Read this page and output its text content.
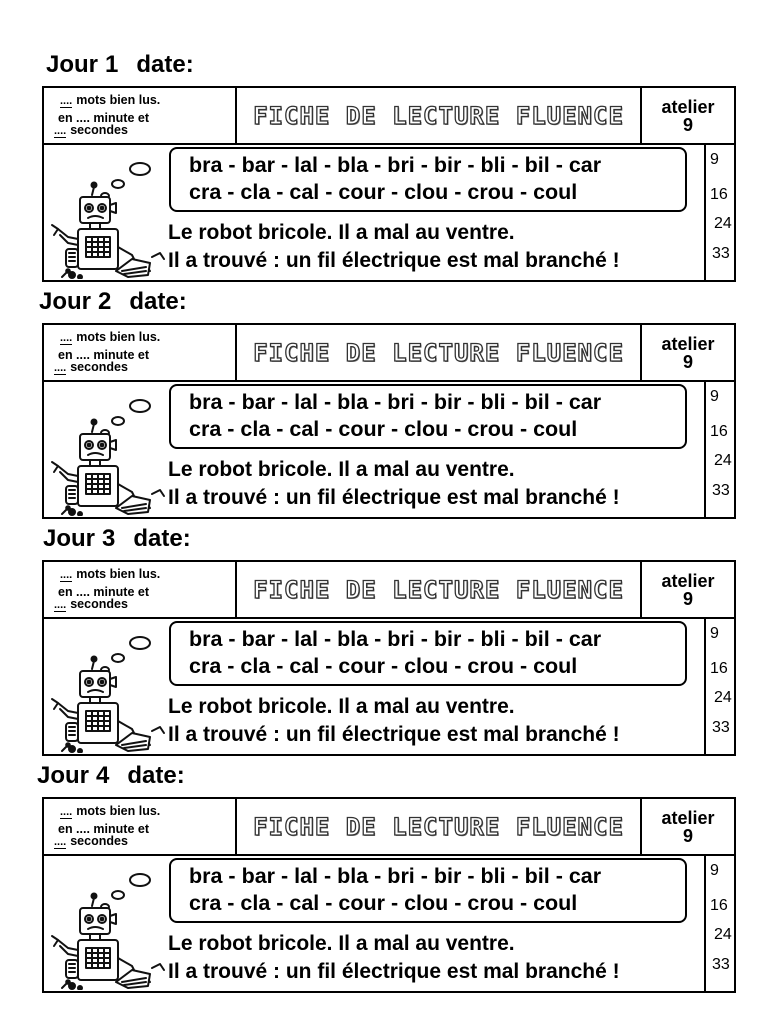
Jour 1 date:
.... mots bien lus.
en .... minute et
.... secondes
FICHE DE LECTURE FLUENCE	atelier
9
bra - bar - lal - bla - bri - bir - bli - bil - car
cra - cla - cal - cour - clou - crou - coul
Le robot bricole. Il a mal au ventre.
Il a trouvé : un fil électrique est mal branché !
9
16
24
33
Jour 2 date:
.... mots bien lus.
en .... minute et
.... secondes
FICHE DE LECTURE FLUENCE	atelier
9
bra - bar - lal - bla - bri - bir - bli - bil - car
cra - cla - cal - cour - clou - crou - coul
Le robot bricole. Il a mal au ventre.
Il a trouvé : un fil électrique est mal branché !
9
16
24
33
Jour 3 date:
.... mots bien lus.
en .... minute et
.... secondes
FICHE DE LECTURE FLUENCE	atelier
9
bra - bar - lal - bla - bri - bir - bli - bil - car
cra - cla - cal - cour - clou - crou - coul
Le robot bricole. Il a mal au ventre.
Il a trouvé : un fil électrique est mal branché !
9
16
24
33
Jour 4 date:
.... mots bien lus.
en .... minute et
.... secondes
FICHE DE LECTURE FLUENCE	atelier
9
bra - bar - lal - bla - bri - bir - bli - bil - car
cra - cla - cal - cour - clou - crou - coul
Le robot bricole. Il a mal au ventre.
Il a trouvé : un fil électrique est mal branché !
9
16
24
33
